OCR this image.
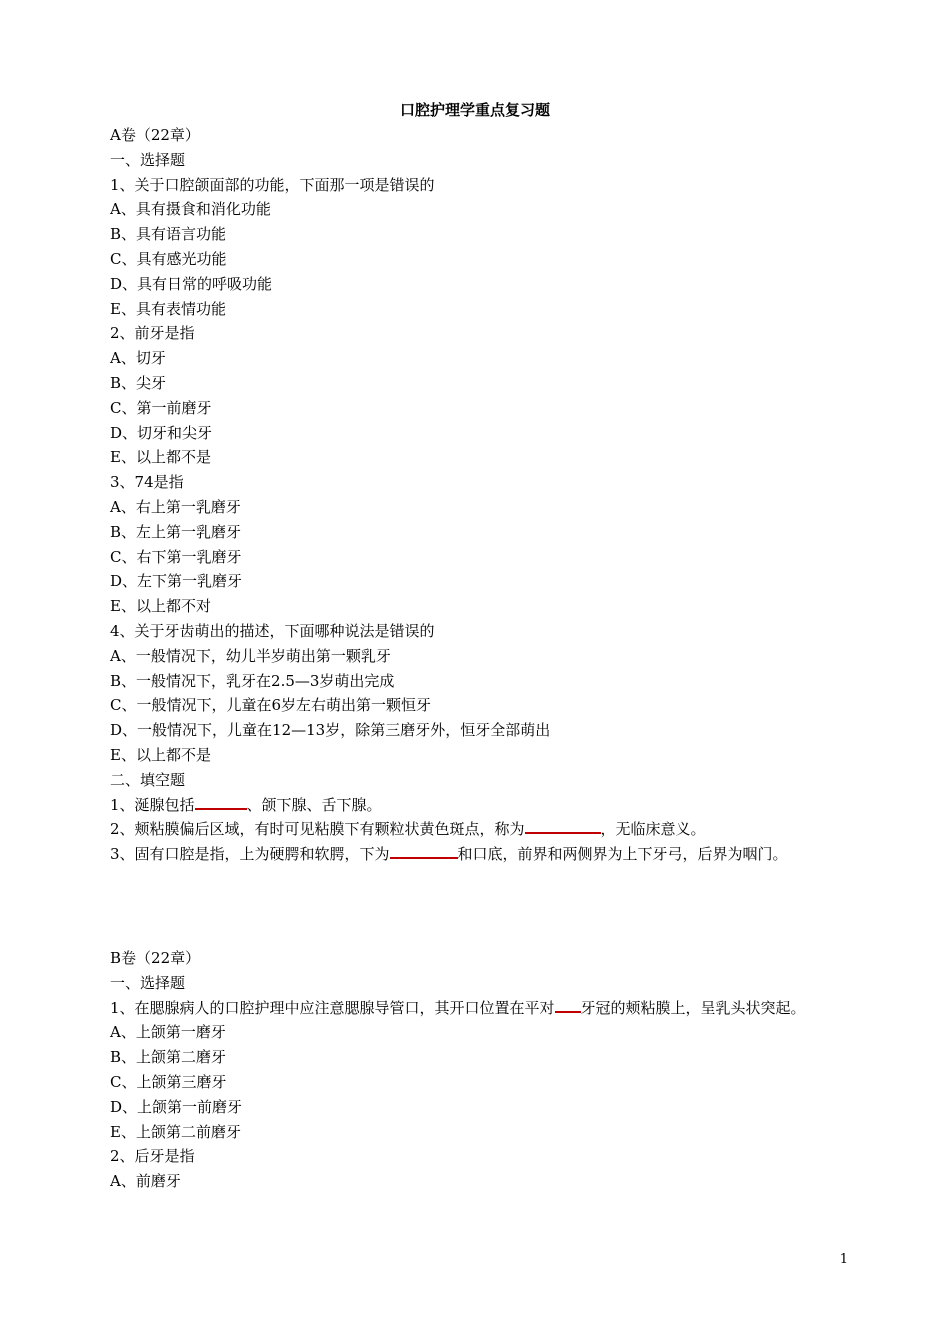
口腔护理学重点复习题
A卷（22章）
一、选择题
1、关于口腔颌面部的功能，下面那一项是错误的
A、具有摄食和消化功能
B、具有语言功能
C、具有感光功能
D、具有日常的呼吸功能
E、具有表情功能
2、前牙是指
A、切牙
B、尖牙
C、第一前磨牙
D、切牙和尖牙
E、以上都不是
3、74是指
A、右上第一乳磨牙
B、左上第一乳磨牙
C、右下第一乳磨牙
D、左下第一乳磨牙
E、以上都不对
4、关于牙齿萌出的描述，下面哪种说法是错误的
A、一般情况下，幼儿半岁萌出第一颗乳牙
B、一般情况下，乳牙在2.5—3岁萌出完成
C、一般情况下，儿童在6岁左右萌出第一颗恒牙
D、一般情况下，儿童在12—13岁，除第三磨牙外，恒牙全部萌出
E、以上都不是
二、填空题
1、涎腺包括	、颌下腺、舌下腺。
2、颊粘膜偏后区域，有时可见粘膜下有颗粒状黄色斑点，称为	，无临床意义。
3、固有口腔是指，上为硬腭和软腭，下为	和口底，前界和两侧界为上下牙弓，后界为咽门。
B卷（22章）
一、选择题
1、在腮腺病人的口腔护理中应注意腮腺导管口，其开口位置在平对 牙冠的颊粘膜上，呈乳头状突起。
A、上颌第一磨牙
B、上颌第二磨牙
C、上颌第三磨牙
D、上颌第一前磨牙
E、上颌第二前磨牙
2、后牙是指
A、前磨牙
1
